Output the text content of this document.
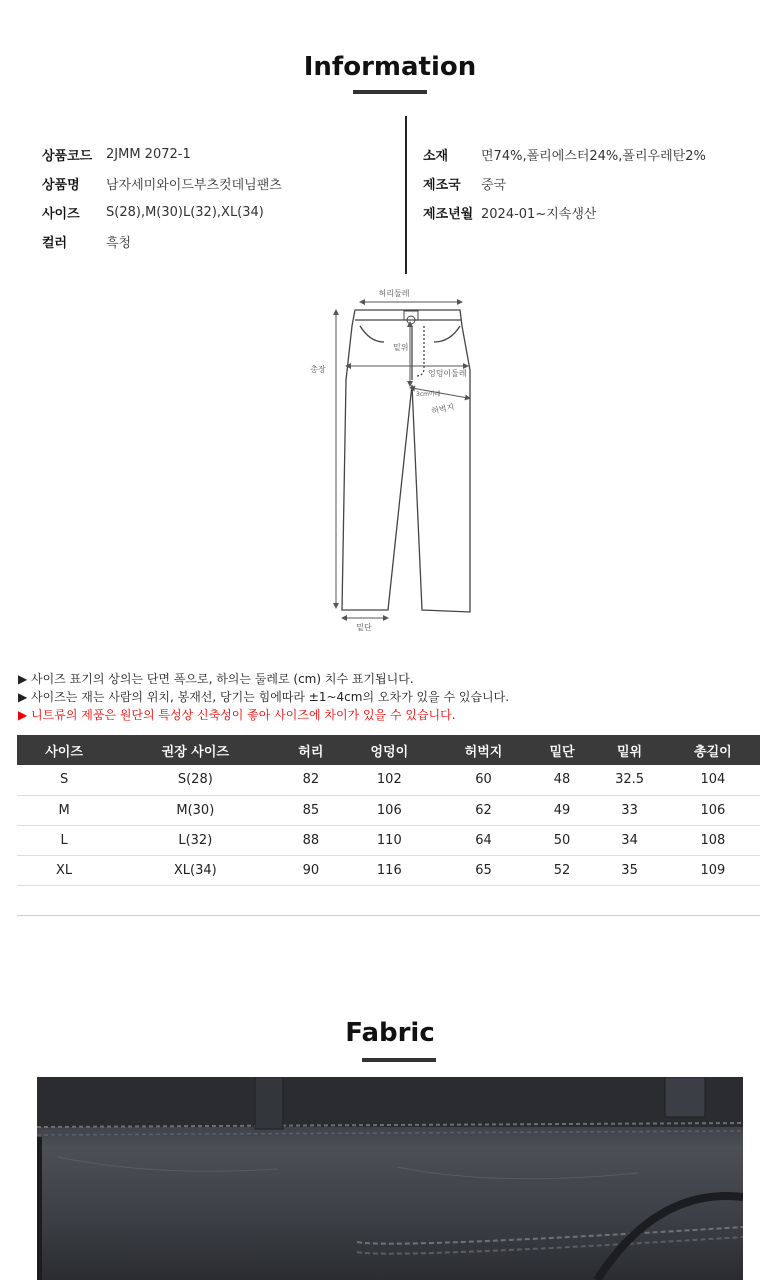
Information
상품코드	2JMM 2072-1
상품명	남자세미와이드부츠컷데님팬츠
사이즈	S(28),M(30)L(32),XL(34)
컬러	흑청
소재	면74%,폴리에스터24%,폴리우레탄2%
제조국	중국
제조년월 2024-01~지속생산
허리둘레
총장
밑위
엉덩이둘레
3cm아래
허벅지
밑단
▶ 사이즈 표기의 상의는 단면 폭으로, 하의는 둘레로 (cm) 치수 표기됩니다.
▶ 사이즈는 재는 사람의 위치, 봉재선, 당기는 힘에따라 ±1~4cm의 오차가 있을 수 있습니다.
▶ 니트류의 제품은 원단의 특성상 신축성이 좋아 사이즈에 차이가 있을 수 있습니다.
사이즈	권장 사이즈	허리	엉덩이	허벅지	밑단	밑위	총길이
S	S(28)	82	102	60	48	32.5	104
M	M(30)	85	106	62	49	33	106
L	L(32)	88	110	64	50	34	108
XL	XL(34)	90	116	65	52	35	109

Fabric
